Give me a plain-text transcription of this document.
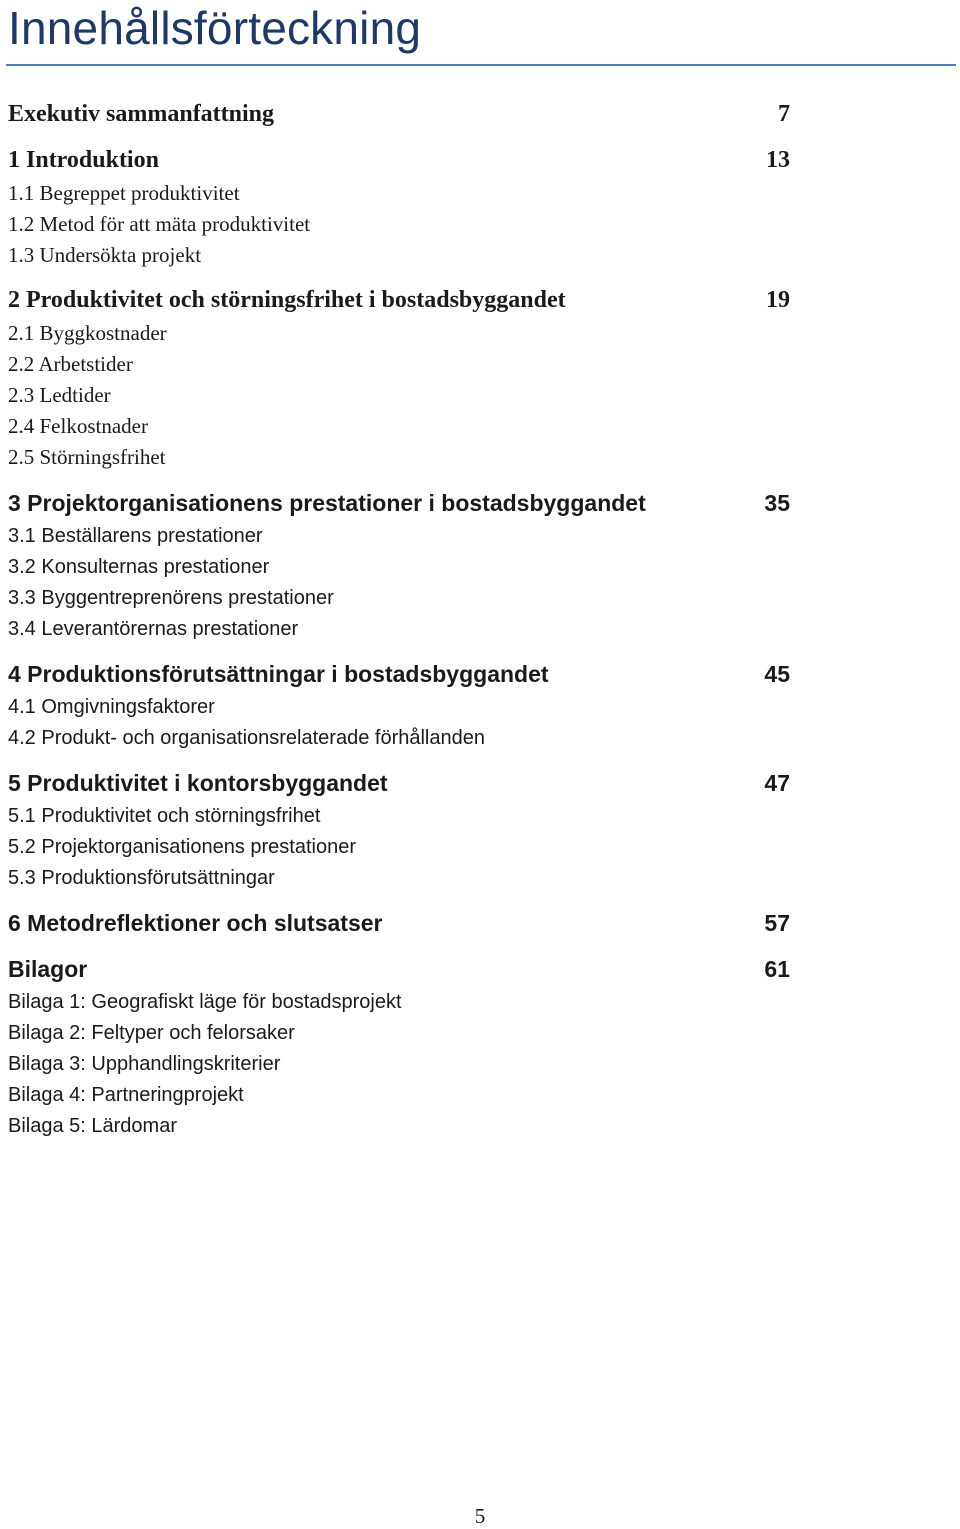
Innehållsförteckning
Exekutiv sammanfattning	7
1 Introduktion	13
1.1 Begreppet produktivitet
1.2 Metod för att mäta produktivitet
1.3 Undersökta projekt
2 Produktivitet och störningsfrihet i bostadsbyggandet	19
2.1 Byggkostnader
2.2 Arbetstider
2.3 Ledtider
2.4 Felkostnader
2.5 Störningsfrihet
3 Projektorganisationens prestationer i bostadsbyggandet	35
3.1 Beställarens prestationer
3.2 Konsulternas prestationer
3.3 Byggentreprenörens prestationer
3.4 Leverantörernas prestationer
4 Produktionsförutsättningar i bostadsbyggandet	45
4.1 Omgivningsfaktorer
4.2 Produkt- och organisationsrelaterade förhållanden
5 Produktivitet i kontorsbyggandet	47
5.1 Produktivitet och störningsfrihet
5.2 Projektorganisationens prestationer
5.3 Produktionsförutsättningar
6 Metodreflektioner och slutsatser	57
Bilagor	61
Bilaga 1: Geografiskt läge för bostadsprojekt
Bilaga 2: Feltyper och felorsaker
Bilaga 3: Upphandlingskriterier
Bilaga 4: Partneringprojekt
Bilaga 5: Lärdomar
5
